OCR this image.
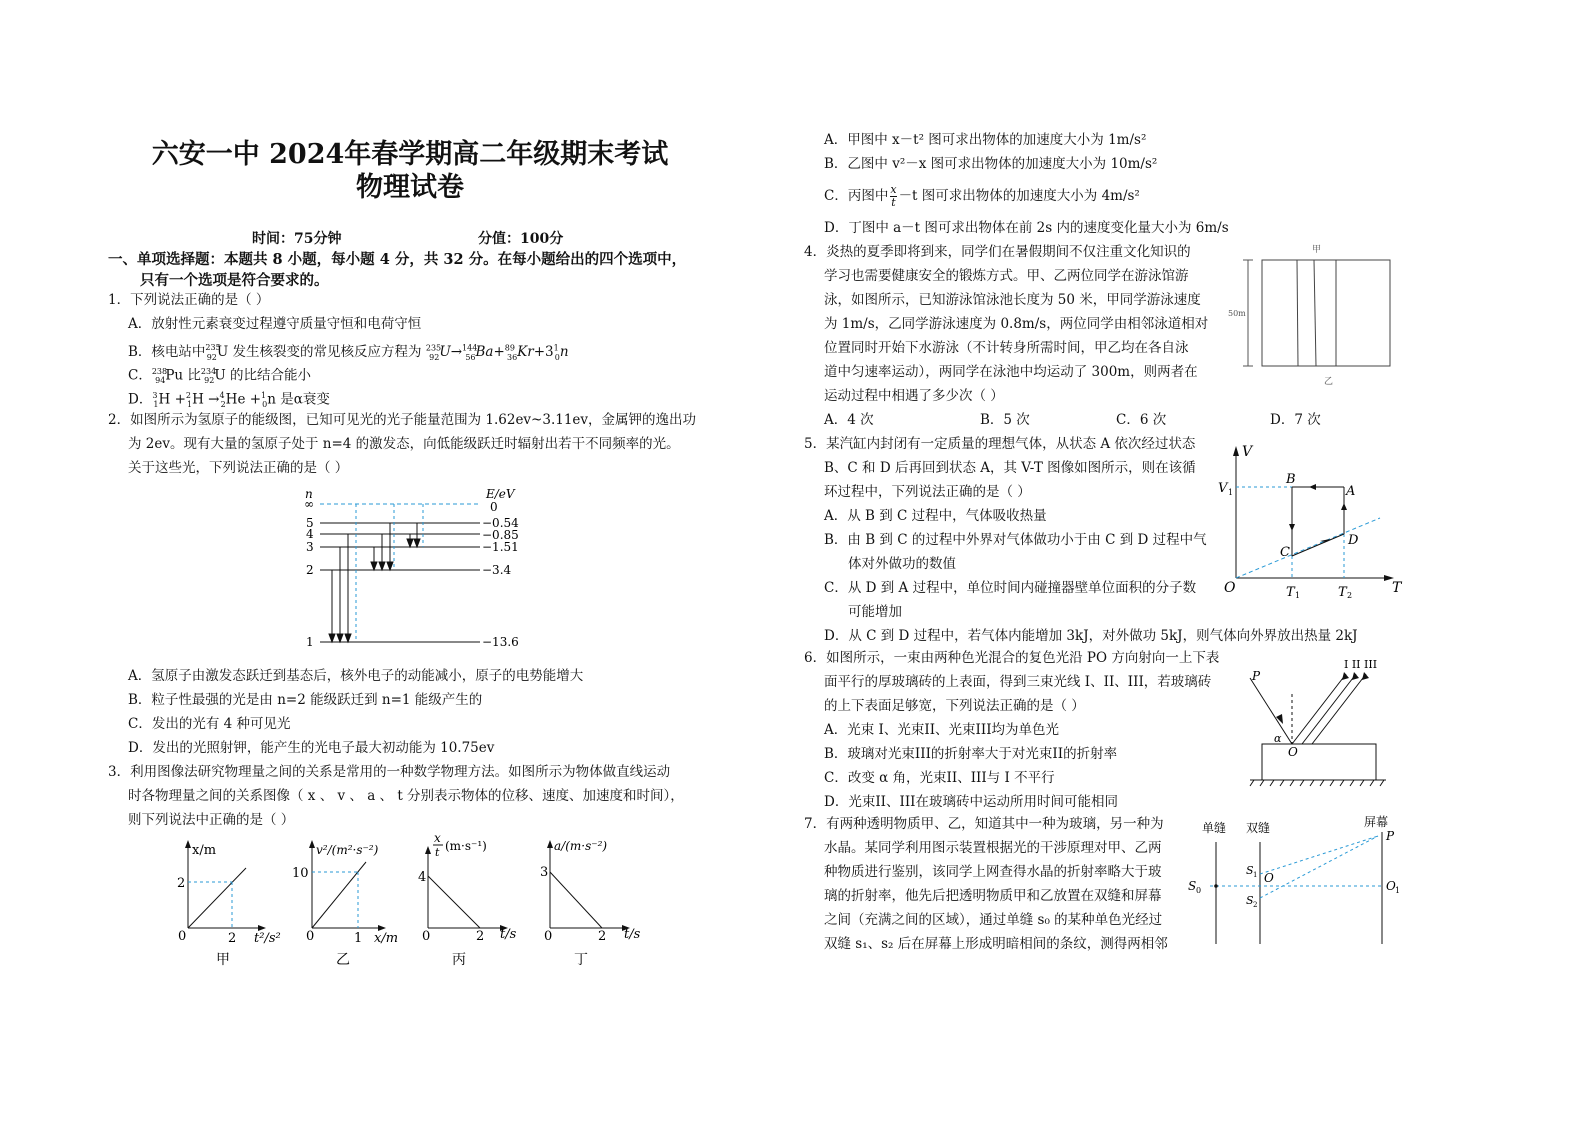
六安一中 2024年春学期高二年级期末考试
物理试卷
时间：75分钟	分值：100分
一、单项选择题：本题共 8 小题，每小题 4 分，共 32 分。在每小题给出的四个选项中，
只有一个选项是符合要求的。
1．下列说法正确的是（ ）
A．放射性元素衰变过程遵守质量守恒和电荷守恒
B．核电站中$^{235}_{92}$U 发生核裂变的常见核反应方程为 $^{235}_{92}U\to^{144}_{56}Ba+^{89}_{36}Kr+3^1_0n$
C．$^{238}_{94}$Pu 比$^{234}_{92}$U 的比结合能小
D．$^3_1$H +$^2_1$H →$^4_2$He +$^1_0$n 是α衰变
2．如图所示为氢原子的能级图，已知可见光的光子能量范围为 1.62ev~3.11ev，金属钾的逸出功
为 2ev。现有大量的氢原子处于 n=4 的激发态，向低能级跃迁时辐射出若干不同频率的光。
关于这些光，下列说法正确的是（ ）
n	E/eV
∞
5
4
3
2
1
0
−0.54
−0.85
−1.51
−3.4
−13.6
A．氢原子由激发态跃迁到基态后，核外电子的动能减小，原子的电势能增大
B．粒子性最强的光是由 n=2 能级跃迁到 n=1 能级产生的
C．发出的光有 4 种可见光
D．发出的光照射钾，能产生的光电子最大初动能为 10.75ev
3．利用图像法研究物理量之间的关系是常用的一种数学物理方法。如图所示为物体做直线运动
时各物理量之间的关系图像（ x 、 v 、 a 、 t 分别表示物体的位移、速度、加速度和时间），
则下列说法中正确的是（ ）
x/m
2
0	2 t²/s²
甲
v²/(m²·s⁻²)
10
0	1 x/m
乙
x
t (m·s⁻¹)
4
0	2 t/s
丙
a/(m·s⁻²)
3
0	2 t/s
丁
A．甲图中 x－t² 图可求出物体的加速度大小为 1m/s²
B．乙图中 v²－x 图可求出物体的加速度大小为 10m/s²
C．丙图中 $\frac{x}{t} -t$ 图可求出物体的加速度大小为 4m/s²
D．丁图中 a－t 图可求出物体在前 2s 内的速度变化量大小为 6m/s
4．炎热的夏季即将到来，同学们在暑假期间不仅注重文化知识的
学习也需要健康安全的锻炼方式。甲、乙两位同学在游泳馆游
泳，如图所示，已知游泳馆泳池长度为 50 米，甲同学游泳速度
为 1m/s，乙同学游泳速度为 0.8m/s，两位同学由相邻泳道相对
位置同时开始下水游泳（不计转身所需时间，甲乙均在各自泳
道中匀速率运动），两同学在泳池中均运动了 300m，则两者在
运动过程中相遇了多少次（ ）
A．4 次	B．5 次	C．6 次	D．7 次
甲
50m
乙
5．某汽缸内封闭有一定质量的理想气体，从状态 A 依次经过状态
B、C 和 D 后再回到状态 A，其 V-T 图像如图所示，则在该循
环过程中，下列说法正确的是（ ）
A．从 B 到 C 过程中，气体吸收热量
B．由 B 到 C 的过程中外界对气体做功小于由 C 到 D 过程中气
体对外做功的数值
C．从 D 到 A 过程中，单位时间内碰撞器壁单位面积的分子数
可能增加
D．从 C 到 D 过程中，若气体内能增加 3kJ，对外做功 5kJ，则气体向外界放出热量 2kJ
V
T
O
V 1
T 1	T 2
A
B
C
D
6．如图所示，一束由两种色光混合的复色光沿 PO 方向射向一上下表
面平行的厚玻璃砖的上表面，得到三束光线 I、II、III，若玻璃砖
的上下表面足够宽，下列说法正确的是（ ）
A．光束 I、光束II、光束III均为单色光
B．玻璃对光束III的折射率大于对光束II的折射率
C．改变 α 角，光束II、III与 I 不平行
D．光束II、III在玻璃砖中运动所用时间可能相同
I II III
P
α
O
7．有两种透明物质甲、乙，知道其中一种为玻璃，另一种为
水晶。某同学利用图示装置根据光的干涉原理对甲、乙两
种物质进行鉴别，该同学上网查得水晶的折射率略大于玻
璃的折射率，他先后把透明物质甲和乙放置在双缝和屏幕
之间（充满之间的区域），通过单缝 s₀ 的某种单色光经过
双缝 s₁、s₂ 后在屏幕上形成明暗相间的条纹，测得两相邻
单缝 双缝	屏幕
S 0
S 1
S 2
O
P
O 1
